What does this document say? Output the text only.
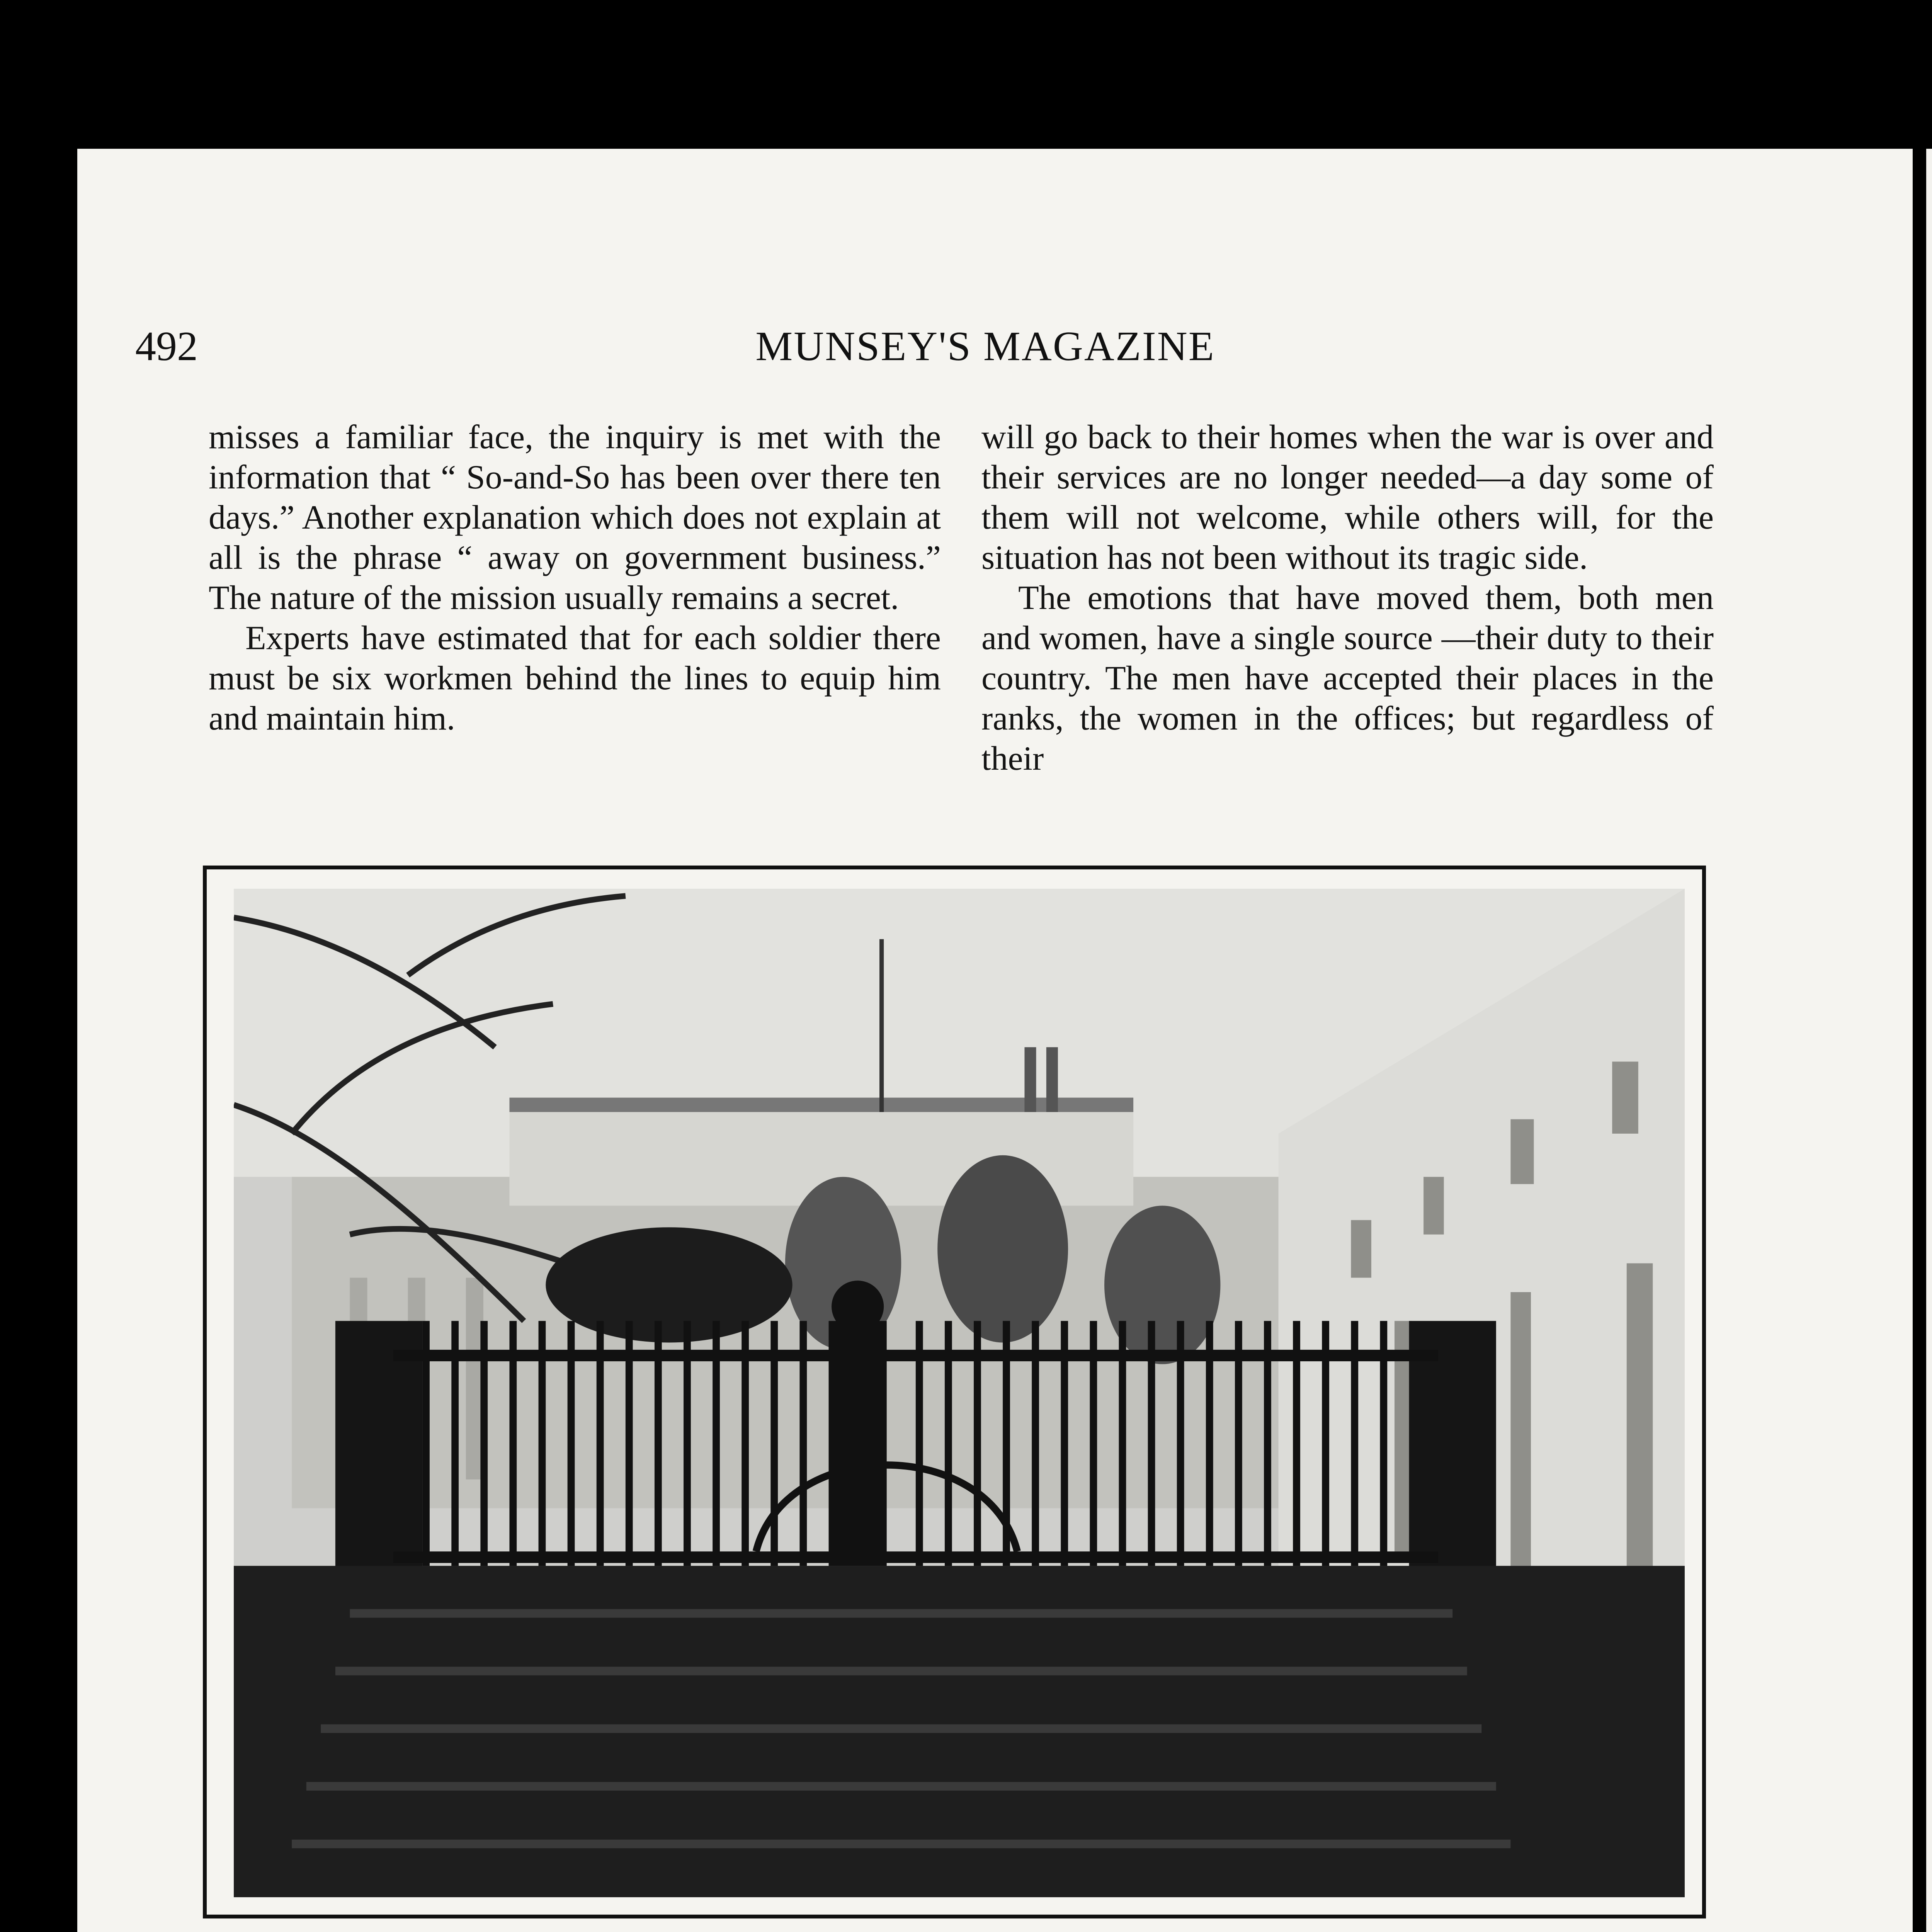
492	MUNSEY'S MAGAZINE

misses a familiar face, the inquiry is met with the information that “ So-and-So has been over there ten days.” Another explanation which does not explain at all is the phrase “ away on government business.” The nature of the mission usually remains a secret.

Experts have estimated that for each soldier there must be six workmen behind the lines to equip him and maintain him.

will go back to their homes when the war is over and their services are no longer needed—a day some of them will not welcome, while others will, for the situation has not been without its tragic side.

The emotions that have moved them, both men and women, have a single source —their duty to their country. The men have accepted their places in the ranks, the women in the offices; but regardless of their
